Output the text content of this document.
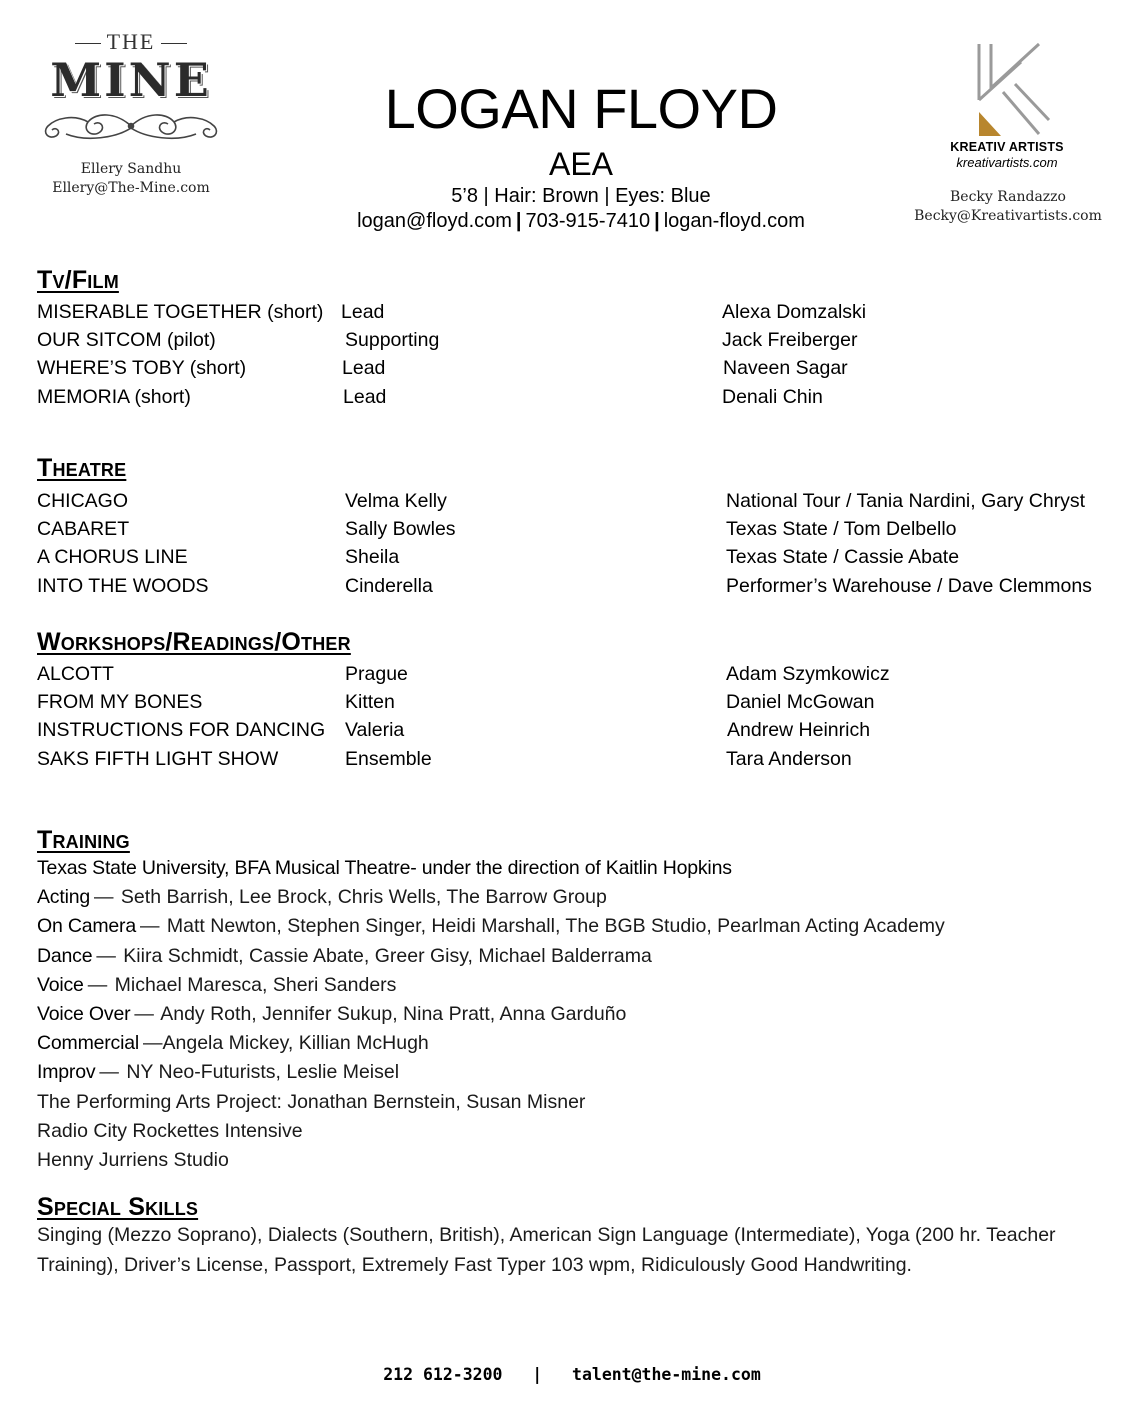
THE
MINE
Ellery Sandhu
Ellery@The-Mine.com
LOGAN FLOYD
AEA
5’8 | Hair: Brown | Eyes: Blue
logan@floyd.com | 703-915-7410 | logan-floyd.com
KREATIV ARTISTS
kreativartists.com
Becky Randazzo
Becky@Kreativartists.com
Tv/Film
MISERABLE TOGETHER (short) Lead	Alexa Domzalski
OUR SITCOM (pilot)	Supporting	Jack Freiberger
WHERE’S TOBY (short)	Lead	Naveen Sagar
MEMORIA (short)	Lead	Denali Chin
Theatre
CHICAGO	Velma Kelly	National Tour / Tania Nardini, Gary Chryst
CABARET	Sally Bowles	Texas State / Tom Delbello
A CHORUS LINE	Sheila	Texas State / Cassie Abate
INTO THE WOODS	Cinderella	Performer’s Warehouse / Dave Clemmons
Workshops/Readings/Other
ALCOTT	Prague	Adam Szymkowicz
FROM MY BONES	Kitten	Daniel McGowan
INSTRUCTIONS FOR DANCING Valeria	Andrew Heinrich
SAKS FIFTH LIGHT SHOW	Ensemble	Tara Anderson
Training
Texas State University, BFA Musical Theatre- under the direction of Kaitlin Hopkins
Acting — Seth Barrish, Lee Brock, Chris Wells, The Barrow Group
On Camera — Matt Newton, Stephen Singer, Heidi Marshall, The BGB Studio, Pearlman Acting Academy
Dance — Kiira Schmidt, Cassie Abate, Greer Gisy, Michael Balderrama
Voice — Michael Maresca, Sheri Sanders
Voice Over — Andy Roth, Jennifer Sukup, Nina Pratt, Anna Garduño
Commercial —Angela Mickey, Killian McHugh
Improv — NY Neo-Futurists, Leslie Meisel
The Performing Arts Project: Jonathan Bernstein, Susan Misner
Radio City Rockettes Intensive
Henny Jurriens Studio
Special Skills
Singing (Mezzo Soprano), Dialects (Southern, British), American Sign Language (Intermediate), Yoga (200 hr. Teacher Training), Driver’s License, Passport, Extremely Fast Typer 103 wpm, Ridiculously Good Handwriting.
212 612-3200 | talent@the-mine.com
